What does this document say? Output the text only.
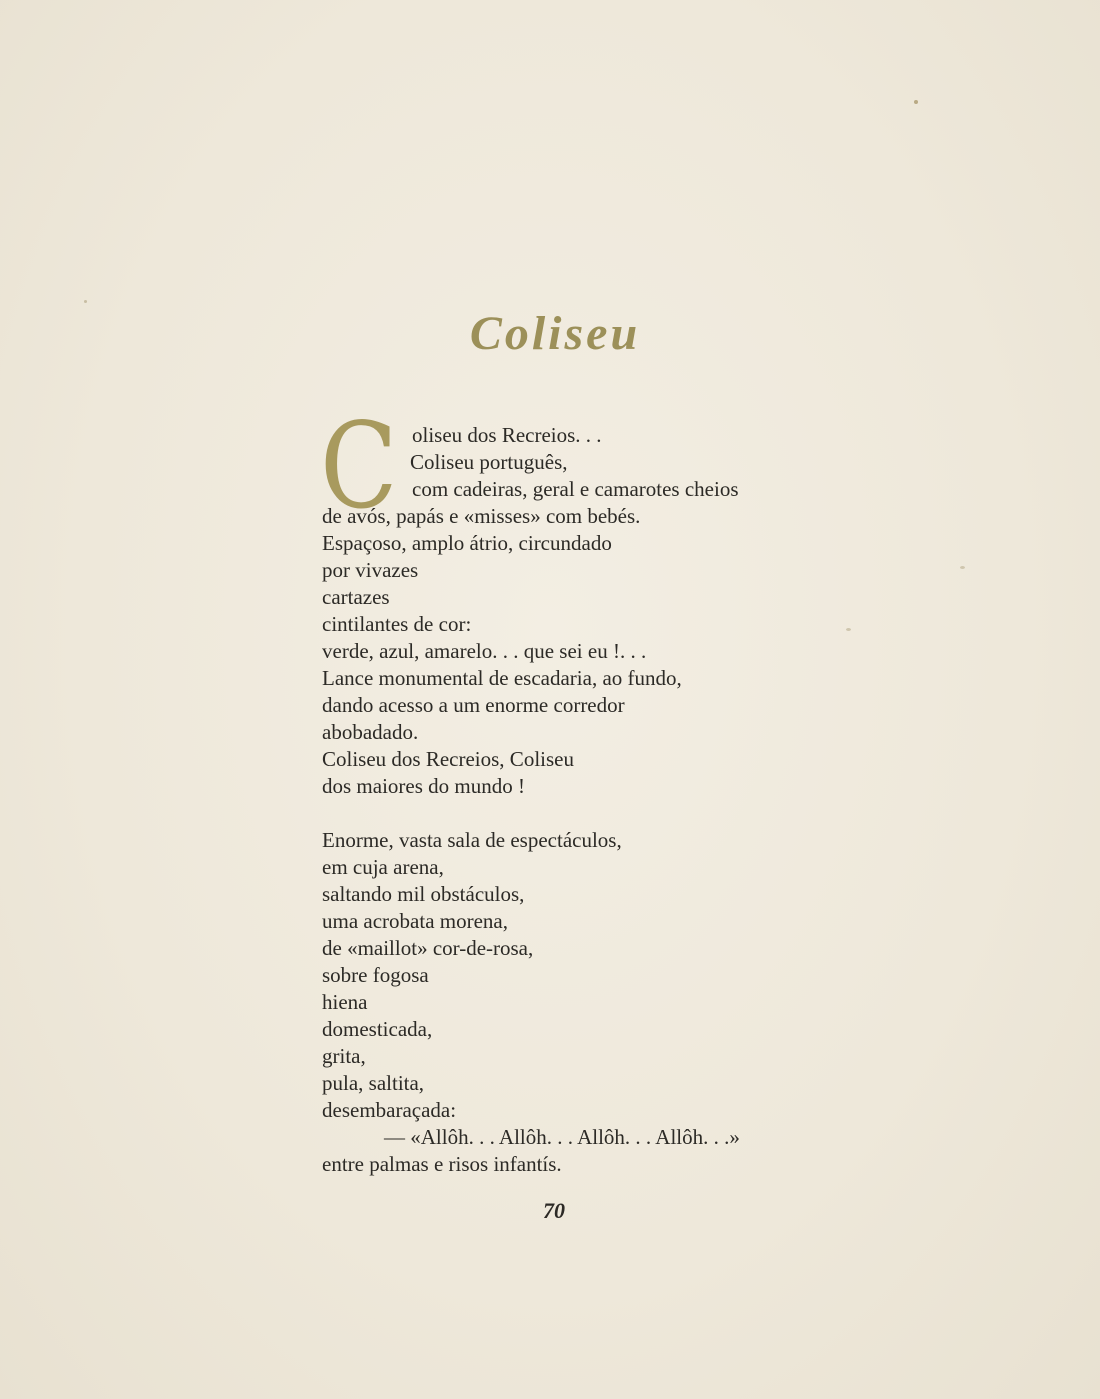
Coliseu
C oliseu dos Recreios. . .
Coliseu português,
com cadeiras, geral e camarotes cheios
de avós, papás e «misses» com bebés.
Espaçoso, amplo átrio, circundado
por vivazes
cartazes
cintilantes de cor:
verde, azul, amarelo. . . que sei eu !. . .
Lance monumental de escadaria, ao fundo,
dando acesso a um enorme corredor
abobadado.
Coliseu dos Recreios, Coliseu
dos maiores do mundo !
Enorme, vasta sala de espectáculos,
em cuja arena,
saltando mil obstáculos,
uma acrobata morena,
de «maillot» cor-de-rosa,
sobre fogosa
hiena
domesticada,
grita,
pula, saltita,
desembaraçada:
— «Allôh. . . Allôh. . . Allôh. . . Allôh. . .»
entre palmas e risos infantís.
70
